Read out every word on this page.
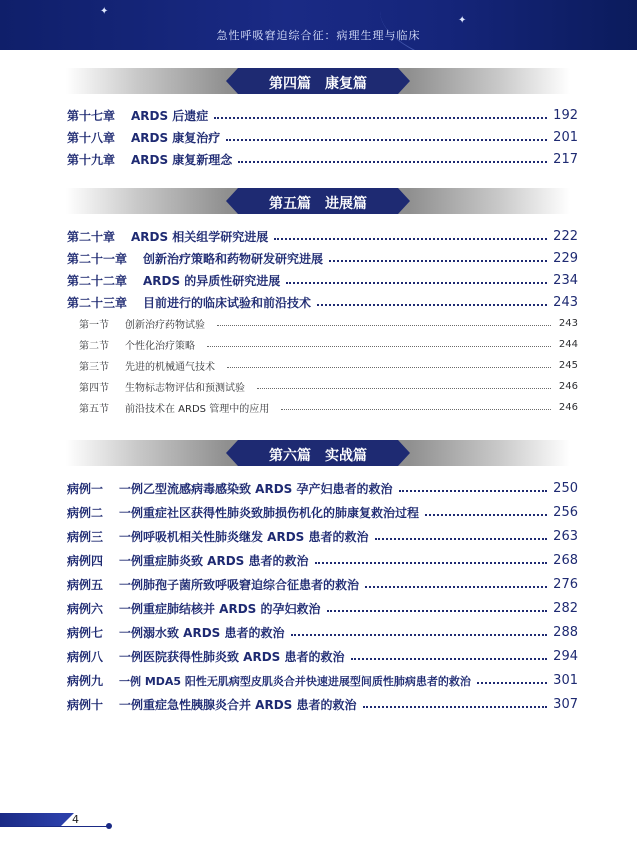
✦
✦
急性呼吸窘迫综合征：病理生理与临床
第四篇　康复篇
第十七章 ARDS 后遗症	192
第十八章 ARDS 康复治疗	201
第十九章 ARDS 康复新理念	217
第五篇　进展篇
第二十章 ARDS 相关组学研究进展	222
第二十一章 创新治疗策略和药物研发研究进展	229
第二十二章 ARDS 的异质性研究进展	234
第二十三章 目前进行的临床试验和前沿技术	243
第一节 创新治疗药物试验	243
第二节 个性化治疗策略	244
第三节 先进的机械通气技术	245
第四节 生物标志物评估和预测试验	246
第五节 前沿技术在 ARDS 管理中的应用	246
第六篇　实战篇
病例一 一例乙型流感病毒感染致 ARDS 孕产妇患者的救治	250
病例二 一例重症社区获得性肺炎致肺损伤机化的肺康复救治过程	256
病例三 一例呼吸机相关性肺炎继发 ARDS 患者的救治	263
病例四 一例重症肺炎致 ARDS 患者的救治	268
病例五 一例肺孢子菌所致呼吸窘迫综合征患者的救治	276
病例六 一例重症肺结核并 ARDS 的孕妇救治	282
病例七 一例溺水致 ARDS 患者的救治	288
病例八 一例医院获得性肺炎致 ARDS 患者的救治	294
病例九 一例 MDA5 阳性无肌病型皮肌炎合并快速进展型间质性肺病患者的救治	301
病例十 一例重症急性胰腺炎合并 ARDS 患者的救治	307
4
